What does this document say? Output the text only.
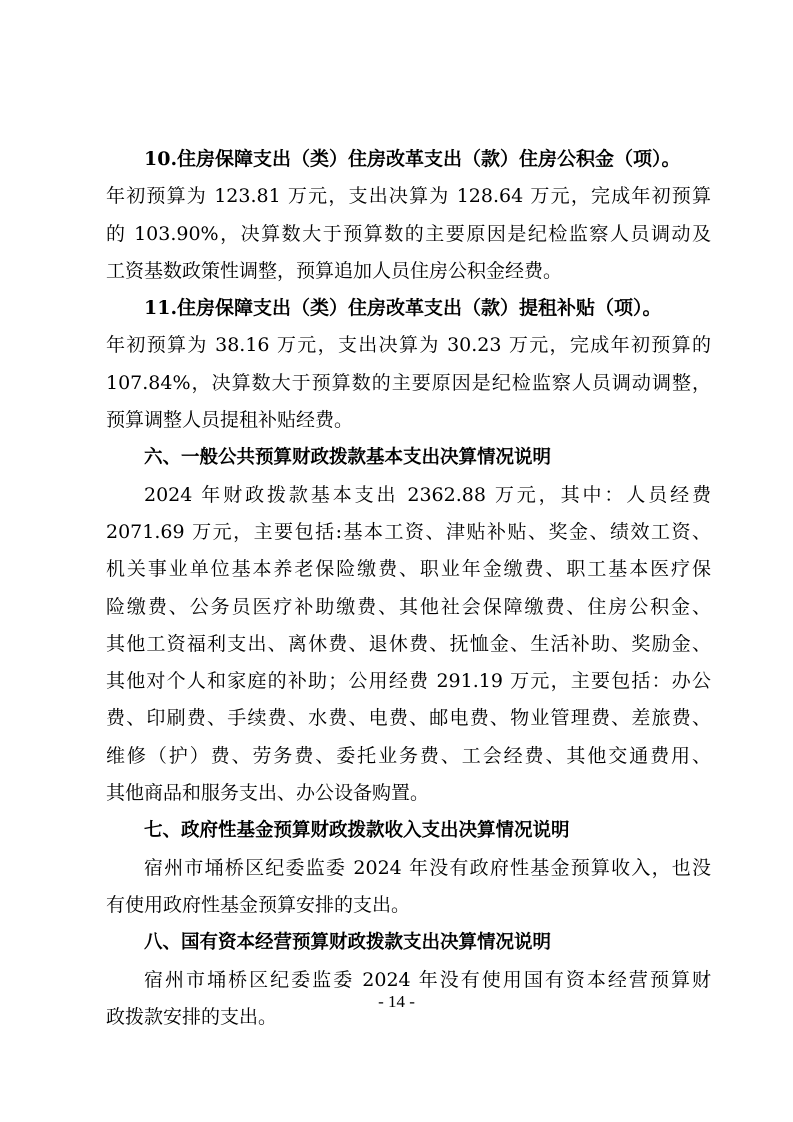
10.住房保障支出（类）住房改革支出（款）住房公积金（项）。
年初预算为 123.81 万元，支出决算为 128.64 万元，完成年初预算
的 103.90%，决算数大于预算数的主要原因是纪检监察人员调动及
工资基数政策性调整，预算追加人员住房公积金经费。
11.住房保障支出（类）住房改革支出（款）提租补贴（项）。
年初预算为 38.16 万元，支出决算为 30.23 万元，完成年初预算的
107.84%，决算数大于预算数的主要原因是纪检监察人员调动调整，
预算调整人员提租补贴经费。
六、一般公共预算财政拨款基本支出决算情况说明
2024 年财政拨款基本支出 2362.88 万元，其中：人员经费
2071.69 万元，主要包括:基本工资、津贴补贴、奖金、绩效工资、
机关事业单位基本养老保险缴费、职业年金缴费、职工基本医疗保
险缴费、公务员医疗补助缴费、其他社会保障缴费、住房公积金、
其他工资福利支出、离休费、退休费、抚恤金、生活补助、奖励金、
其他对个人和家庭的补助；公用经费 291.19 万元，主要包括：办公
费、印刷费、手续费、水费、电费、邮电费、物业管理费、差旅费、
维修（护）费、劳务费、委托业务费、工会经费、其他交通费用、
其他商品和服务支出、办公设备购置。
七、政府性基金预算财政拨款收入支出决算情况说明
宿州市埇桥区纪委监委 2024 年没有政府性基金预算收入，也没
有使用政府性基金预算安排的支出。
八、国有资本经营预算财政拨款支出决算情况说明
宿州市埇桥区纪委监委 2024 年没有使用国有资本经营预算财
政拨款安排的支出。
- 14 -
